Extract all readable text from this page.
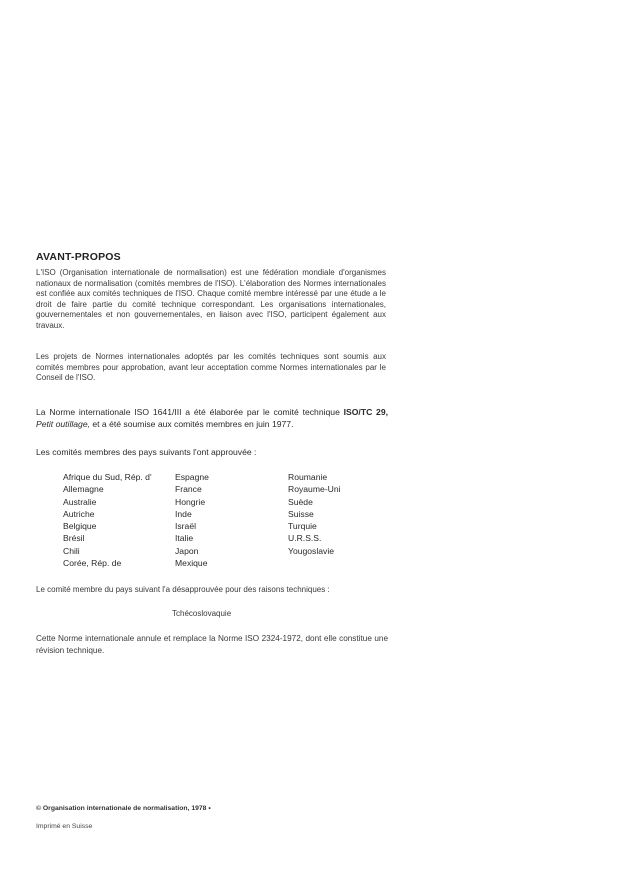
AVANT-PROPOS
L'ISO (Organisation internationale de normalisation) est une fédération mondiale d'organismes nationaux de normalisation (comités membres de l'ISO). L'élaboration des Normes internationales est confiée aux comités techniques de l'ISO. Chaque comité membre intéressé par une étude a le droit de faire partie du comité technique correspondant. Les organisations internationales, gouvernementales et non gouvernementales, en liaison avec l'ISO, participent également aux travaux.
Les projets de Normes internationales adoptés par les comités techniques sont soumis aux comités membres pour approbation, avant leur acceptation comme Normes internationales par le Conseil de l'ISO.
La Norme internationale ISO 1641/III a été élaborée par le comité technique ISO/TC 29, Petit outillage, et a été soumise aux comités membres en juin 1977.
Les comités membres des pays suivants l'ont approuvée :
Afrique du Sud, Rép. d'
Allemagne
Australie
Autriche
Belgique
Brésil
Chili
Corée, Rép. de
Espagne
France
Hongrie
Inde
Israël
Italie
Japon
Mexique
Roumanie
Royaume-Uni
Suède
Suisse
Turquie
U.R.S.S.
Yougoslavie
Le comité membre du pays suivant l'a désapprouvée pour des raisons techniques :
Tchécoslovaquie
Cette Norme internationale annule et remplace la Norme ISO 2324-1972, dont elle constitue une révision technique.
© Organisation internationale de normalisation, 1978 •
Imprimé en Suisse
